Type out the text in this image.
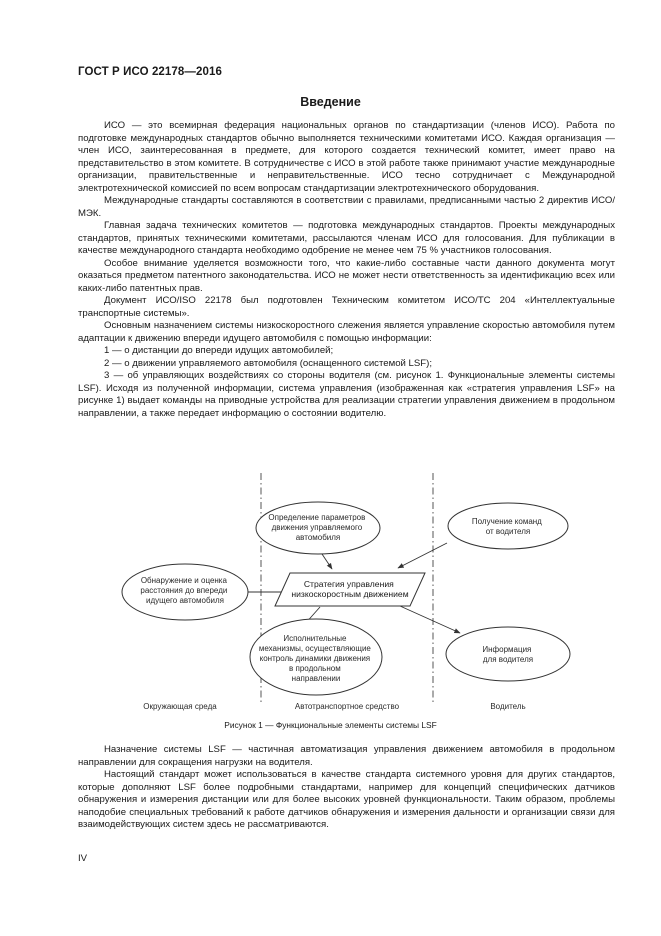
ГОСТ Р ИСО 22178—2016
Введение

ИСО — это всемирная федерация национальных органов по стандартизации (членов ИСО). Работа по подготовке международных стандартов обычно выполняется техническими комитетами ИСО. Каждая организация — член ИСО, заинтересованная в предмете, для которого создается технический комитет, имеет право на представительство в этом комитете. В сотрудничестве с ИСО в этой работе также принимают участие международные организации, правительственные и неправительственные. ИСО тесно сотрудничает с Международной электротехнической комиссией по всем вопросам стандартизации электротехнического оборудования.

Международные стандарты составляются в соответствии с правилами, предписанными частью 2 директив ИСО/МЭК.

Главная задача технических комитетов — подготовка международных стандартов. Проекты международных стандартов, принятых техническими комитетами, рассылаются членам ИСО для голосования. Для публикации в качестве международного стандарта необходимо одобрение не менее чем 75 % участников голосования.

Особое внимание уделяется возможности того, что какие-либо составные части данного документа могут оказаться предметом патентного законодательства. ИСО не может нести ответственность за идентификацию всех или каких-либо патентных прав.

Документ ИСО/ISO 22178 был подготовлен Техническим комитетом ИСО/ТС 204 «Интеллектуальные транспортные системы».

Основным назначением системы низкоскоростного слежения является управление скоростью автомобиля путем адаптации к движению впереди идущего автомобиля с помощью информации:

1 — о дистанции до впереди идущих автомобилей;

2 — о движении управляемого автомобиля (оснащенного системой LSF);

3 — об управляющих воздействиях со стороны водителя (см. рисунок 1. Функциональные элементы системы LSF). Исходя из полученной информации, система управления (изображенная как «стратегия управления LSF» на рисунке 1) выдает команды на приводные устройства для реализации стратегии управления движением в продольном направлении, а также передает информацию о состоянии водителю.

Определение параметров движения управляемого автомобиля
Получение команд от водителя
Обнаружение и оценка расстояния до впереди идущего автомобиля
Стратегия управления низкоскоростным движением
Исполнительные механизмы, осуществляющие контроль динамики движения в продольном направлении
Информация для водителя
Окружающая среда	Автотранспортное средство	Водитель
Рисунок 1 — Функциональные элементы системы LSF

Назначение системы LSF — частичная автоматизация управления движением автомобиля в продольном направлении для сокращения нагрузки на водителя.

Настоящий стандарт может использоваться в качестве стандарта системного уровня для других стандартов, которые дополняют LSF более подробными стандартами, например для концепций специфических датчиков обнаружения и измерения дистанции или для более высоких уровней функциональности. Таким образом, проблемы наподобие специальных требований к работе датчиков обнаружения и измерения дальности и организации связи для взаимодействующих систем здесь не рассматриваются.

IV
